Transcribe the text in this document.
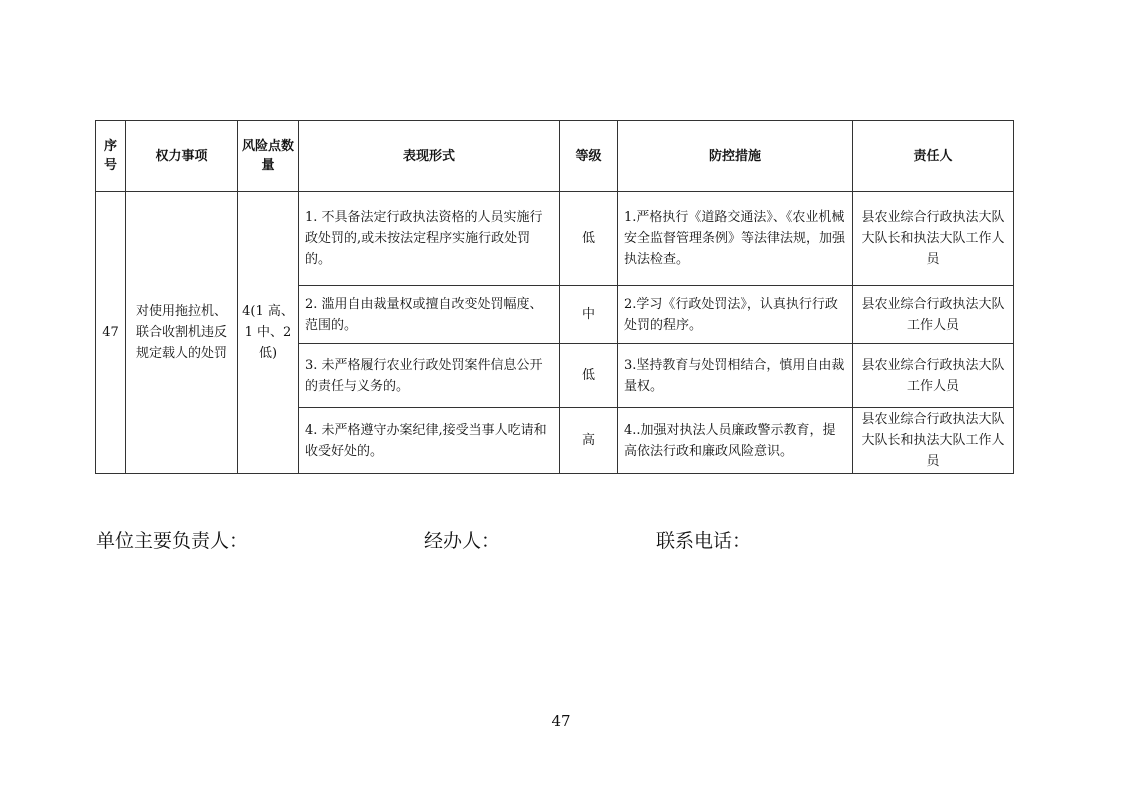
序号	权力事项	风险点数量	表现形式	等级	防控措施	责任人
47	对使用拖拉机、联合收割机违反规定载人的处罚	4(1 高、1 中、2 低)	1. 不具备法定行政执法资格的人员实施行政处罚的,或未按法定程序实施行政处罚的。	低	1.严格执行《道路交通法》、《农业机械安全监督管理条例》等法律法规，加强执法检查。	县农业综合行政执法大队大队长和执法大队工作人员
			2. 滥用自由裁量权或擅自改变处罚幅度、范围的。	中	2.学习《行政处罚法》，认真执行行政处罚的程序。	县农业综合行政执法大队工作人员
			3. 未严格履行农业行政处罚案件信息公开的责任与义务的。	低	3.坚持教育与处罚相结合，慎用自由裁量权。	县农业综合行政执法大队工作人员
			4. 未严格遵守办案纪律,接受当事人吃请和收受好处的。	高	4..加强对执法人员廉政警示教育，提高依法行政和廉政风险意识。	县农业综合行政执法大队大队长和执法大队工作人员
单位主要负责人：	经办人：	联系电话：
47
